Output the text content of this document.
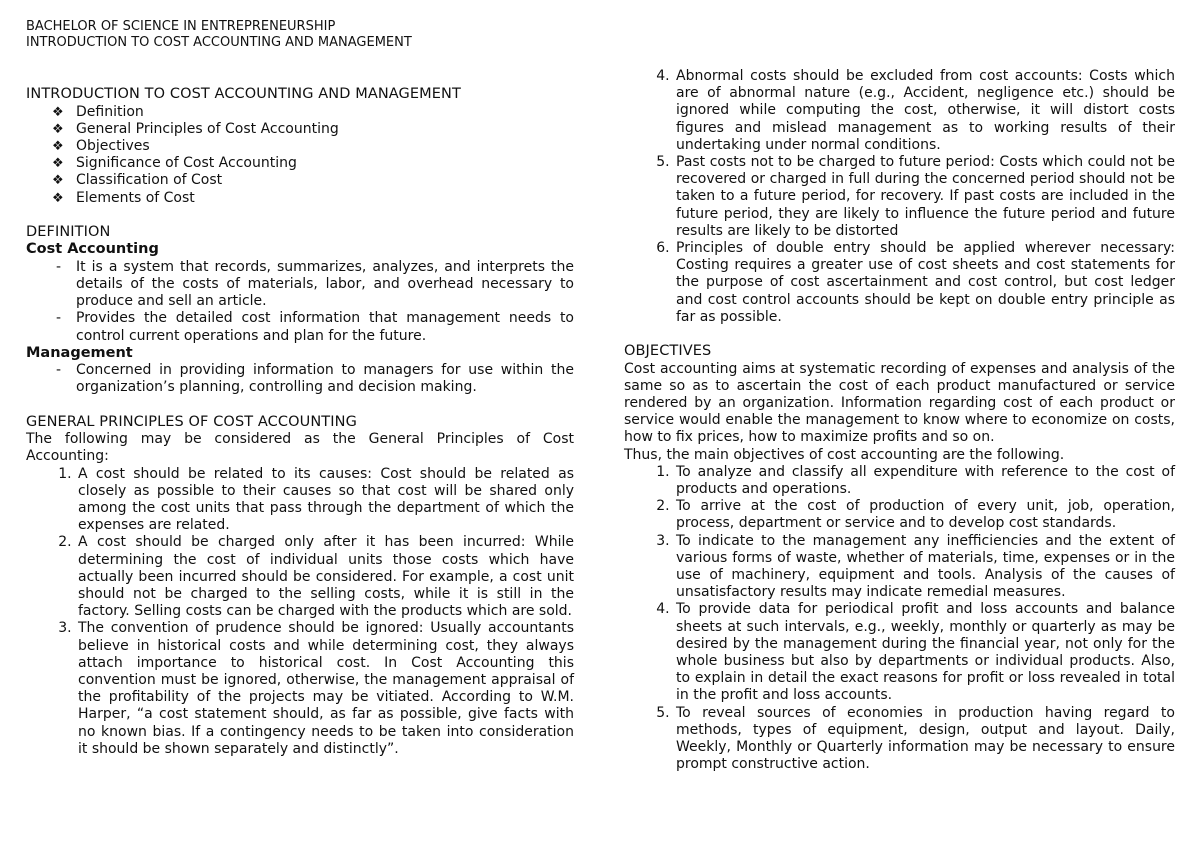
BACHELOR OF SCIENCE IN ENTREPRENEURSHIP
INTRODUCTION TO COST ACCOUNTING AND MANAGEMENT
INTRODUCTION TO COST ACCOUNTING AND MANAGEMENT
❖ Definition
❖ General Principles of Cost Accounting
❖ Objectives
❖ Significance of Cost Accounting
❖ Classification of Cost
❖ Elements of Cost
DEFINITION
Cost Accounting
- It is a system that records, summarizes, analyzes, and interprets the details of the costs of materials, labor, and overhead necessary to produce and sell an article.
- Provides the detailed cost information that management needs to control current operations and plan for the future.
Management
- Concerned in providing information to managers for use within the organization’s planning, controlling and decision making.
GENERAL PRINCIPLES OF COST ACCOUNTING

The following may be considered as the General Principles of Cost Accounting:

1. A cost should be related to its causes: Cost should be related as closely as possible to their causes so that cost will be shared only among the cost units that pass through the department of which the expenses are related.
2. A cost should be charged only after it has been incurred: While determining the cost of individual units those costs which have actually been incurred should be considered. For example, a cost unit should not be charged to the selling costs, while it is still in the factory. Selling costs can be charged with the products which are sold.
3. The convention of prudence should be ignored: Usually accountants believe in historical costs and while determining cost, they always attach importance to historical cost. In Cost Accounting this convention must be ignored, otherwise, the management appraisal of the profitability of the projects may be vitiated. According to W.M. Harper, “a cost statement should, as far as possible, give facts with no known bias. If a contingency needs to be taken into consideration it should be shown separately and distinctly”.
4. Abnormal costs should be excluded from cost accounts: Costs which are of abnormal nature (e.g., Accident, negligence etc.) should be ignored while computing the cost, otherwise, it will distort costs figures and mislead management as to working results of their undertaking under normal conditions.
5. Past costs not to be charged to future period: Costs which could not be recovered or charged in full during the concerned period should not be taken to a future period, for recovery. If past costs are included in the future period, they are likely to influence the future period and future results are likely to be distorted
6. Principles of double entry should be applied wherever necessary: Costing requires a greater use of cost sheets and cost statements for the purpose of cost ascertainment and cost control, but cost ledger and cost control accounts should be kept on double entry principle as far as possible.
OBJECTIVES

Cost accounting aims at systematic recording of expenses and analysis of the same so as to ascertain the cost of each product manufactured or service rendered by an organization. Information regarding cost of each product or service would enable the management to know where to economize on costs, how to fix prices, how to maximize profits and so on.

Thus, the main objectives of cost accounting are the following.

1. To analyze and classify all expenditure with reference to the cost of products and operations.
2. To arrive at the cost of production of every unit, job, operation, process, department or service and to develop cost standards.
3. To indicate to the management any inefficiencies and the extent of various forms of waste, whether of materials, time, expenses or in the use of machinery, equipment and tools. Analysis of the causes of unsatisfactory results may indicate remedial measures.
4. To provide data for periodical profit and loss accounts and balance sheets at such intervals, e.g., weekly, monthly or quarterly as may be desired by the management during the financial year, not only for the whole business but also by departments or individual products. Also, to explain in detail the exact reasons for profit or loss revealed in total in the profit and loss accounts.
5. To reveal sources of economies in production having regard to methods, types of equipment, design, output and layout. Daily, Weekly, Monthly or Quarterly information may be necessary to ensure prompt constructive action.
